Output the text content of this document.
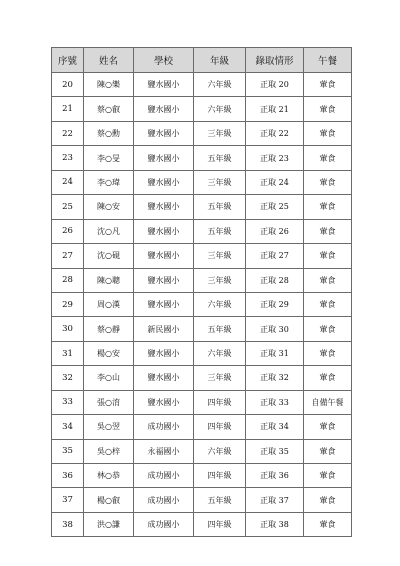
序號	姓名	學校	年級	錄取情形	午餐
20	陳○樂	鹽水國小	六年級	正取 20	葷食
21	蔡○叡	鹽水國小	六年級	正取 21	葷食
22	蔡○勳	鹽水國小	三年級	正取 22	葷食
23	李○旻	鹽水國小	五年級	正取 23	葷食
24	李○瑋	鹽水國小	三年級	正取 24	葷食
25	陳○安	鹽水國小	五年級	正取 25	葷食
26	沈○凡	鹽水國小	五年級	正取 26	葷食
27	沈○硯	鹽水國小	三年級	正取 27	葷食
28	陳○聰	鹽水國小	三年級	正取 28	葷食
29	周○漢	鹽水國小	六年級	正取 29	葷食
30	蔡○靜	新民國小	五年級	正取 30	葷食
31	楊○安	鹽水國小	六年級	正取 31	葷食
32	李○山	鹽水國小	三年級	正取 32	葷食
33	張○淯	鹽水國小	四年級	正取 33	自備午餐
34	吳○翌	成功國小	四年級	正取 34	葷食
35	吳○梓	永福國小	六年級	正取 35	葷食
36	林○恭	成功國小	四年級	正取 36	葷食
37	楊○叡	成功國小	五年級	正取 37	葷食
38	洪○謙	成功國小	四年級	正取 38	葷食
